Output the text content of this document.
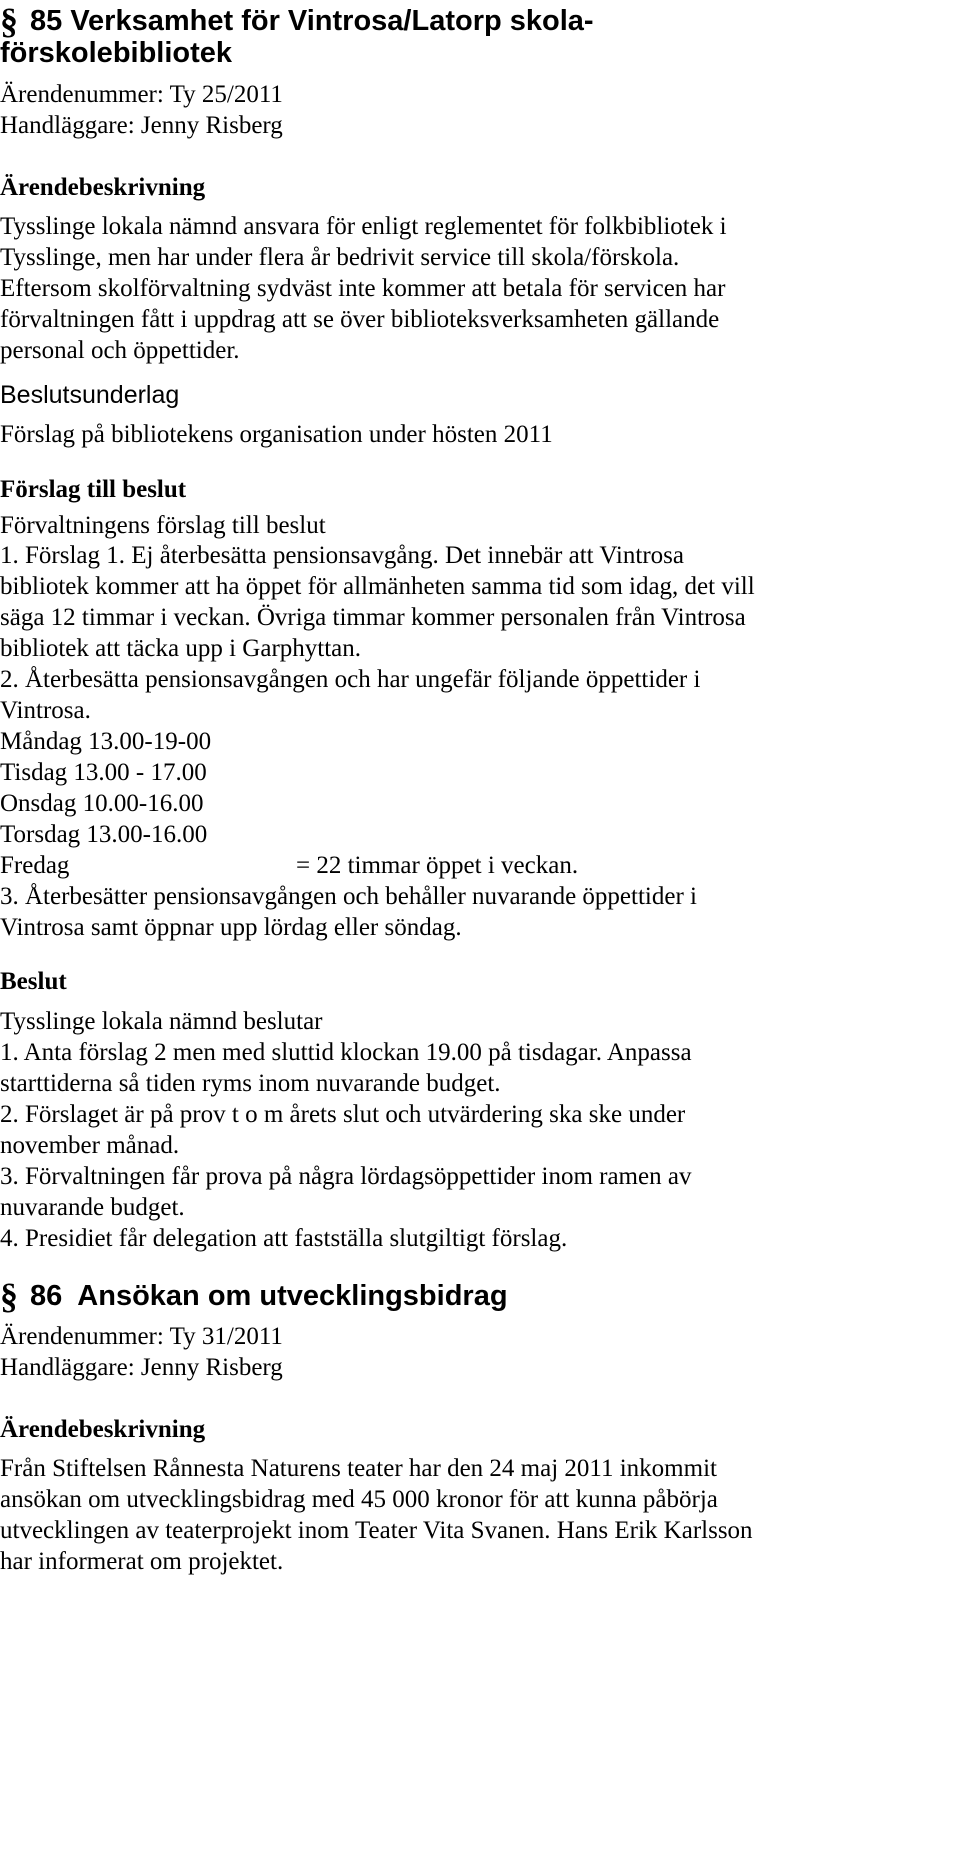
§ 85 Verksamhet för Vintrosa/Latorp skola-
förskolebibliotek
Ärendenummer: Ty 25/2011
Handläggare: Jenny Risberg
Ärendebeskrivning
Tysslinge lokala nämnd ansvara för enligt reglementet för folkbibliotek i
Tysslinge, men har under flera år bedrivit service till skola/förskola.
Eftersom skolförvaltning sydväst inte kommer att betala för servicen har
förvaltningen fått i uppdrag att se över biblioteksverksamheten gällande
personal och öppettider.
Beslutsunderlag
Förslag på bibliotekens organisation under hösten 2011
Förslag till beslut
Förvaltningens förslag till beslut
1. Förslag 1. Ej återbesätta pensionsavgång. Det innebär att Vintrosa
bibliotek kommer att ha öppet för allmänheten samma tid som idag, det vill
säga 12 timmar i veckan. Övriga timmar kommer personalen från Vintrosa
bibliotek att täcka upp i Garphyttan.
2. Återbesätta pensionsavgången och har ungefär följande öppettider i
Vintrosa.
Måndag 13.00-19-00
Tisdag 13.00 - 17.00
Onsdag 10.00-16.00
Torsdag 13.00-16.00
Fredag	= 22 timmar öppet i veckan.
3. Återbesätter pensionsavgången och behåller nuvarande öppettider i
Vintrosa samt öppnar upp lördag eller söndag.
Beslut
Tysslinge lokala nämnd beslutar
1. Anta förslag 2 men med sluttid klockan 19.00 på tisdagar. Anpassa
starttiderna så tiden ryms inom nuvarande budget.
2. Förslaget är på prov t o m årets slut och utvärdering ska ske under
november månad.
3. Förvaltningen får prova på några lördagsöppettider inom ramen av
nuvarande budget.
4. Presidiet får delegation att fastställa slutgiltigt förslag.
§ 86  Ansökan om utvecklingsbidrag
Ärendenummer: Ty 31/2011
Handläggare: Jenny Risberg
Ärendebeskrivning
Från Stiftelsen Rånnesta Naturens teater har den 24 maj 2011 inkommit
ansökan om utvecklingsbidrag med 45 000 kronor för att kunna påbörja
utvecklingen av teaterprojekt inom Teater Vita Svanen. Hans Erik Karlsson
har informerat om projektet.
